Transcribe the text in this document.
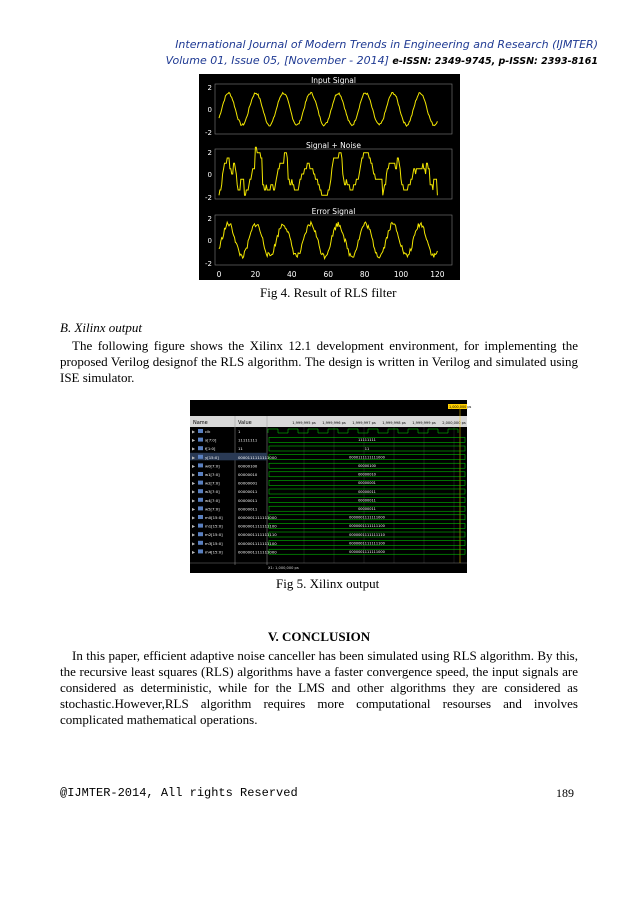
International Journal of Modern Trends in Engineering and Research (IJMTER)
Volume 01, Issue 05, [November - 2014] e-ISSN: 2349-9745, p-ISSN: 2393-8161
Input Signal
2
0
-2
Signal + Noise
2
0
-2
Error Signal
2
0
-2
0	20	40	60	80	100	120
Fig 4. Result of RLS filter
B. Xilinx output
The following figure shows the Xilinx 12.1 development environment, for implementing the proposed Verilog designof the RLS algorithm. The design is written in Verilog and simulated using ISE simulator.
Name	Value	1,999,995 ps 1,999,996 ps 1,999,997 ps 1,999,998 ps 1,999,999 ps 2,000,000 ps
1,000,000 ps
▶	clk	1
▶	x[7:0]	11111111	11111111
▶	f[1:0]	11	11
▶	y[15:0]	0000111111111000	0000111111111000
▶	w0[7:0]	00000100	00000100
▶	w1[7:0]	00000010	00000010
▶	w2[7:0]	00000001	00000001
▶	w3[7:0]	00000011	00000011
▶	w4[7:0]	00000011	00000011
▶	w5[7:0]	00000011	00000011
▶	m0[15:0]	0000001111111000	0000001111111000
▶	m1[15:0]	0000001111111100	0000001111111100
▶	m2[15:0]	0000001111111110	0000001111111110
▶	m3[15:0]	0000001111111100	0000001111111100
▶	m4[15:0]	0000001111111000	0000001111111000
X1: 1,000,000 ps
Fig 5. Xilinx output
V. CONCLUSION
In this paper, efficient adaptive noise canceller has been simulated using RLS algorithm. By this, the recursive least squares (RLS) algorithms have a faster convergence speed, the input signals are considered as deterministic, while for the LMS and other algorithms they are considered as stochastic.However,RLS algorithm requires more computational resourses and involves complicated mathematical operations.
@IJMTER-2014, All rights Reserved	189
